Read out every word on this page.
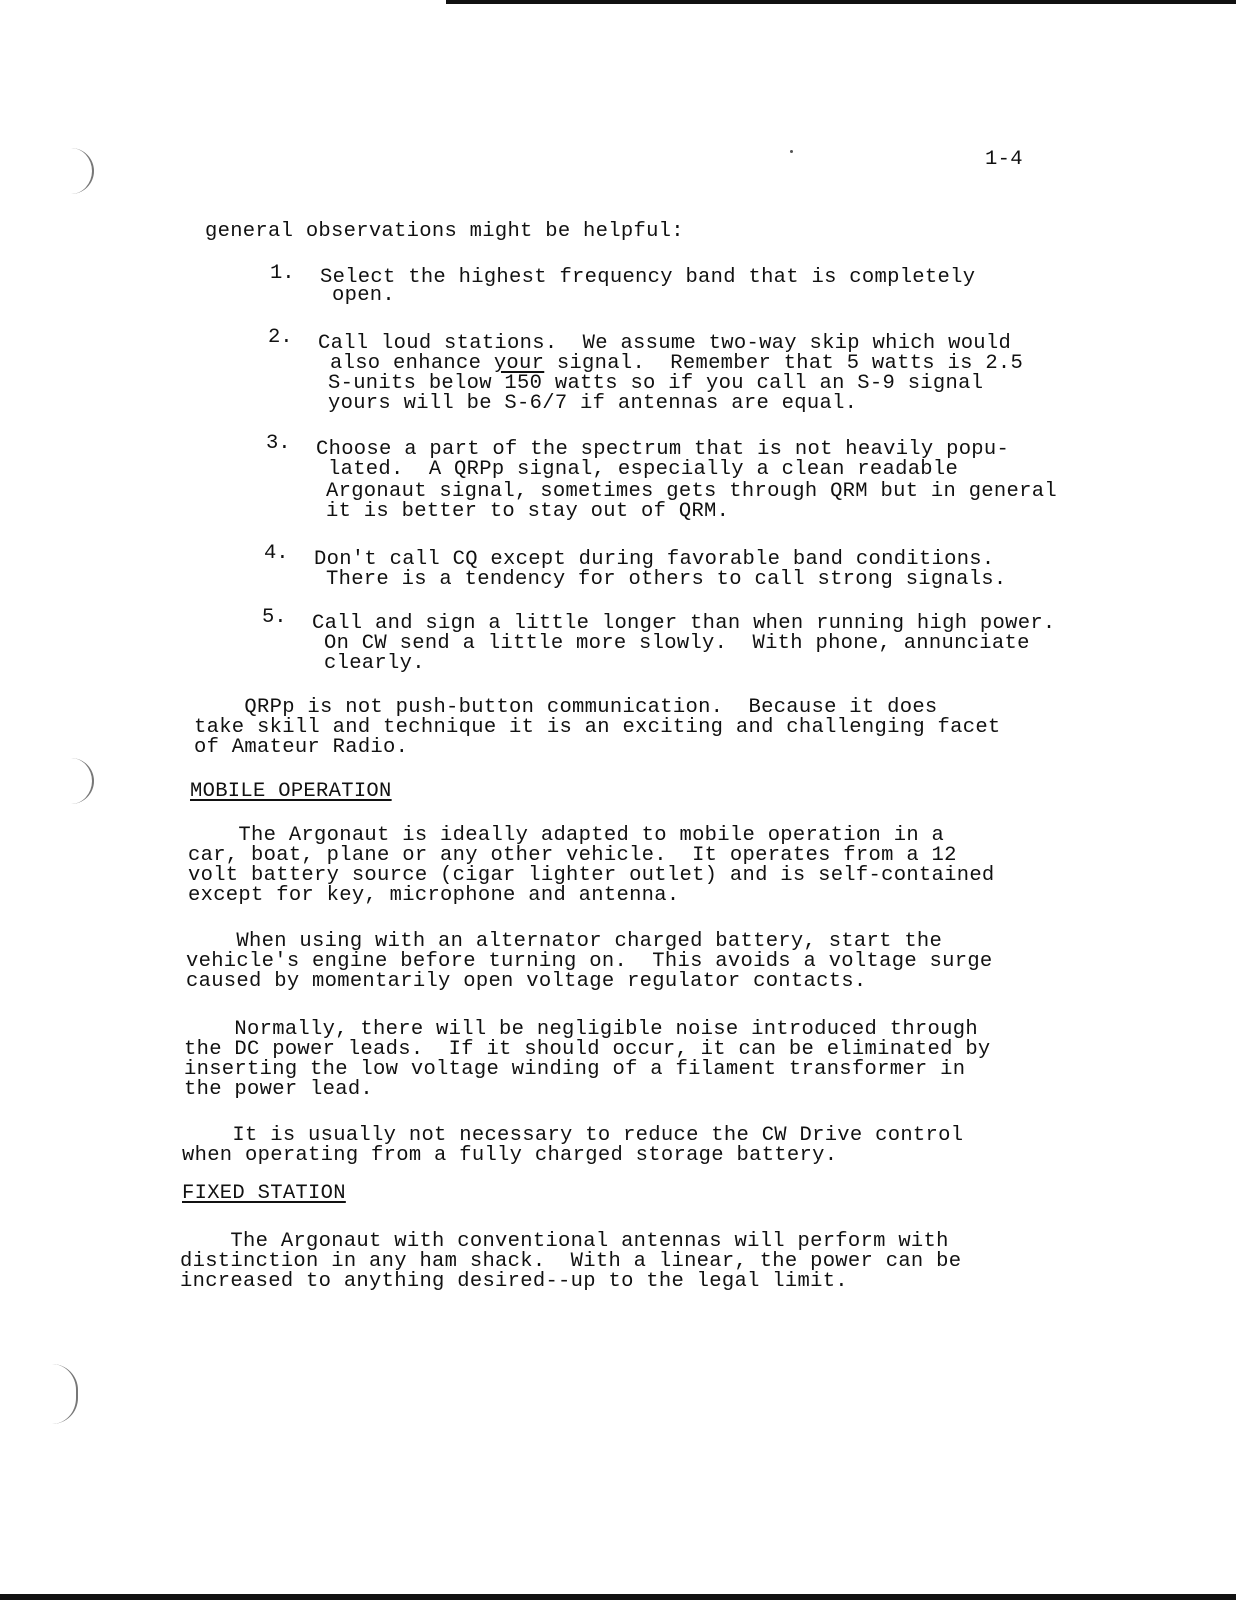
1-4
general observations might be helpful:
1. Select the highest frequency band that is completely
open.
2. Call loud stations.  We assume two-way skip which would
also enhance your signal.  Remember that 5 watts is 2.5
S-units below 150 watts so if you call an S-9 signal
yours will be S-6/7 if antennas are equal.
3. Choose a part of the spectrum that is not heavily popu-
lated.  A QRPp signal, especially a clean readable
Argonaut signal, sometimes gets through QRM but in general
it is better to stay out of QRM.
4. Don't call CQ except during favorable band conditions.
There is a tendency for others to call strong signals.
5. Call and sign a little longer than when running high power.
On CW send a little more slowly.  With phone, annunciate
clearly.
QRPp is not push-button communication.  Because it does
take skill and technique it is an exciting and challenging facet
of Amateur Radio.
MOBILE OPERATION
The Argonaut is ideally adapted to mobile operation in a
car, boat, plane or any other vehicle.  It operates from a 12
volt battery source (cigar lighter outlet) and is self-contained
except for key, microphone and antenna.
When using with an alternator charged battery, start the
vehicle's engine before turning on.  This avoids a voltage surge
caused by momentarily open voltage regulator contacts.
Normally, there will be negligible noise introduced through
the DC power leads.  If it should occur, it can be eliminated by
inserting the low voltage winding of a filament transformer in
the power lead.
It is usually not necessary to reduce the CW Drive control
when operating from a fully charged storage battery.
FIXED STATION
The Argonaut with conventional antennas will perform with
distinction in any ham shack.  With a linear, the power can be
increased to anything desired--up to the legal limit.
